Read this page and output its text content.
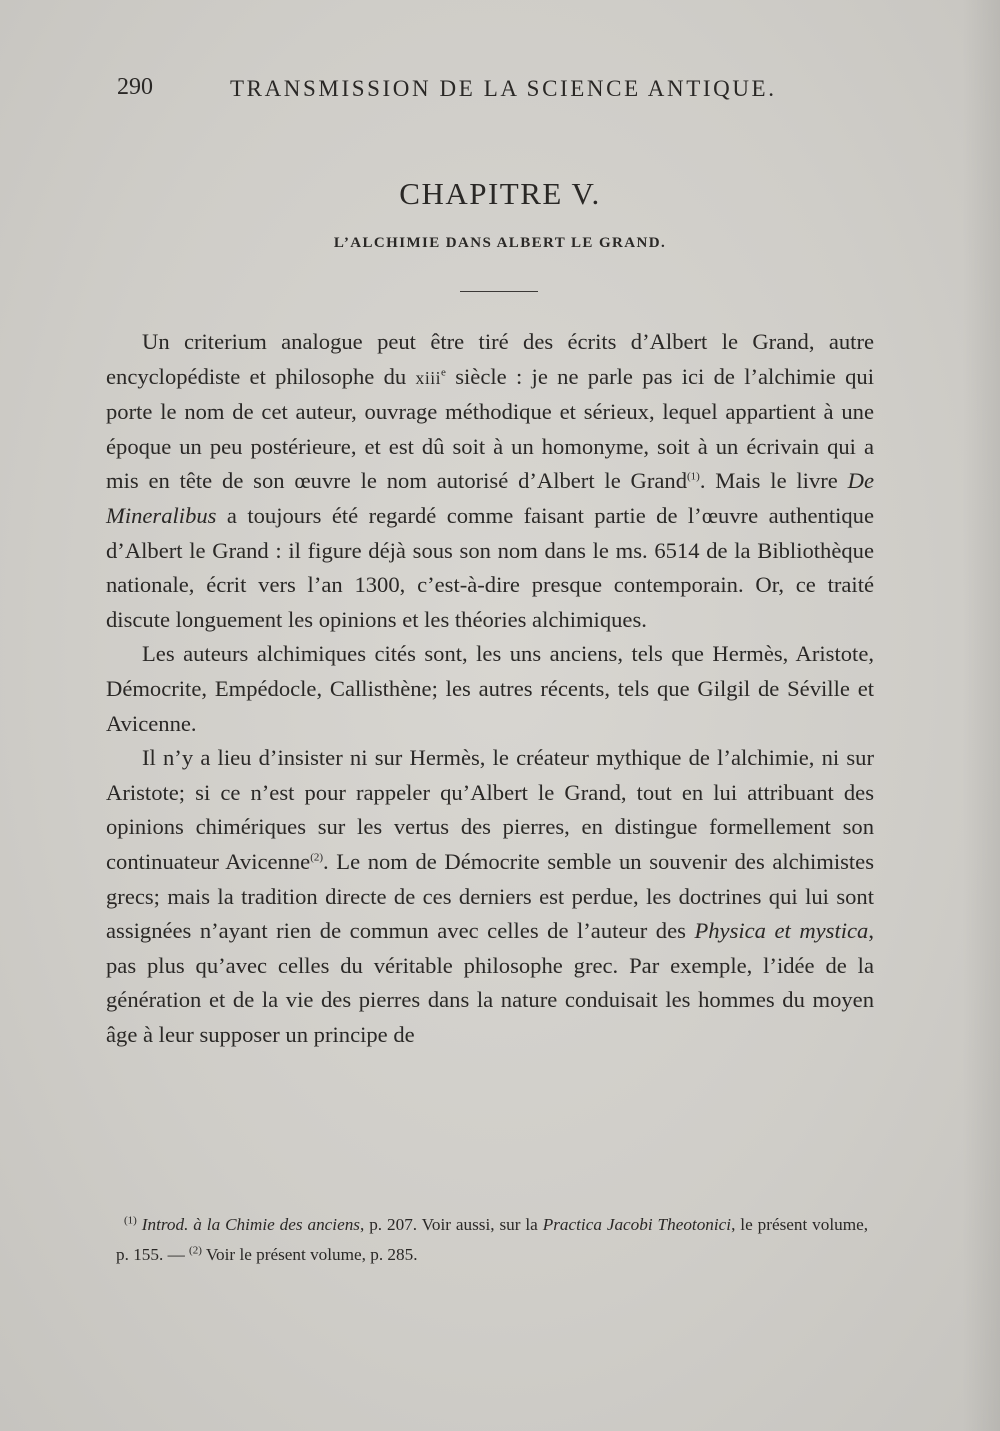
290	TRANSMISSION DE LA SCIENCE ANTIQUE.
CHAPITRE V.
L’ALCHIMIE DANS ALBERT LE GRAND.

Un criterium analogue peut être tiré des écrits d’Albert le Grand, autre encyclopédiste et philosophe du xiii$^e$ siècle : je ne parle pas ici de l’alchimie qui porte le nom de cet auteur, ouvrage méthodique et sérieux, lequel appartient à une époque un peu postérieure, et est dû soit à un homonyme, soit à un écrivain qui a mis en tête de son œuvre le nom autorisé d’Albert le Grand$^{(1)}$. Mais le livre De Mineralibus a toujours été regardé comme faisant partie de l’œuvre authentique d’Albert le Grand : il figure déjà sous son nom dans le ms. 6514 de la Bibliothèque nationale, écrit vers l’an 1300, c’est-à-dire presque contemporain. Or, ce traité discute longuement les opinions et les théories alchimiques.

Les auteurs alchimiques cités sont, les uns anciens, tels que Hermès, Aristote, Démocrite, Empédocle, Callisthène; les autres récents, tels que Gilgil de Séville et Avicenne.

Il n’y a lieu d’insister ni sur Hermès, le créateur mythique de l’alchimie, ni sur Aristote; si ce n’est pour rappeler qu’Albert le Grand, tout en lui attribuant des opinions chimériques sur les vertus des pierres, en distingue formellement son continuateur Avicenne$^{(2)}$. Le nom de Démocrite semble un souvenir des alchimistes grecs; mais la tradition directe de ces derniers est perdue, les doctrines qui lui sont assignées n’ayant rien de commun avec celles de l’auteur des Physica et mystica, pas plus qu’avec celles du véritable philosophe grec. Par exemple, l’idée de la génération et de la vie des pierres dans la nature conduisait les hommes du moyen âge à leur supposer un principe de

$^{(1)}$ Introd. à la Chimie des anciens, p. 207. Voir aussi, sur la Practica Jacobi Theotonici, le présent volume, p. 155. — $^{(2)}$ Voir le présent volume, p. 285.
